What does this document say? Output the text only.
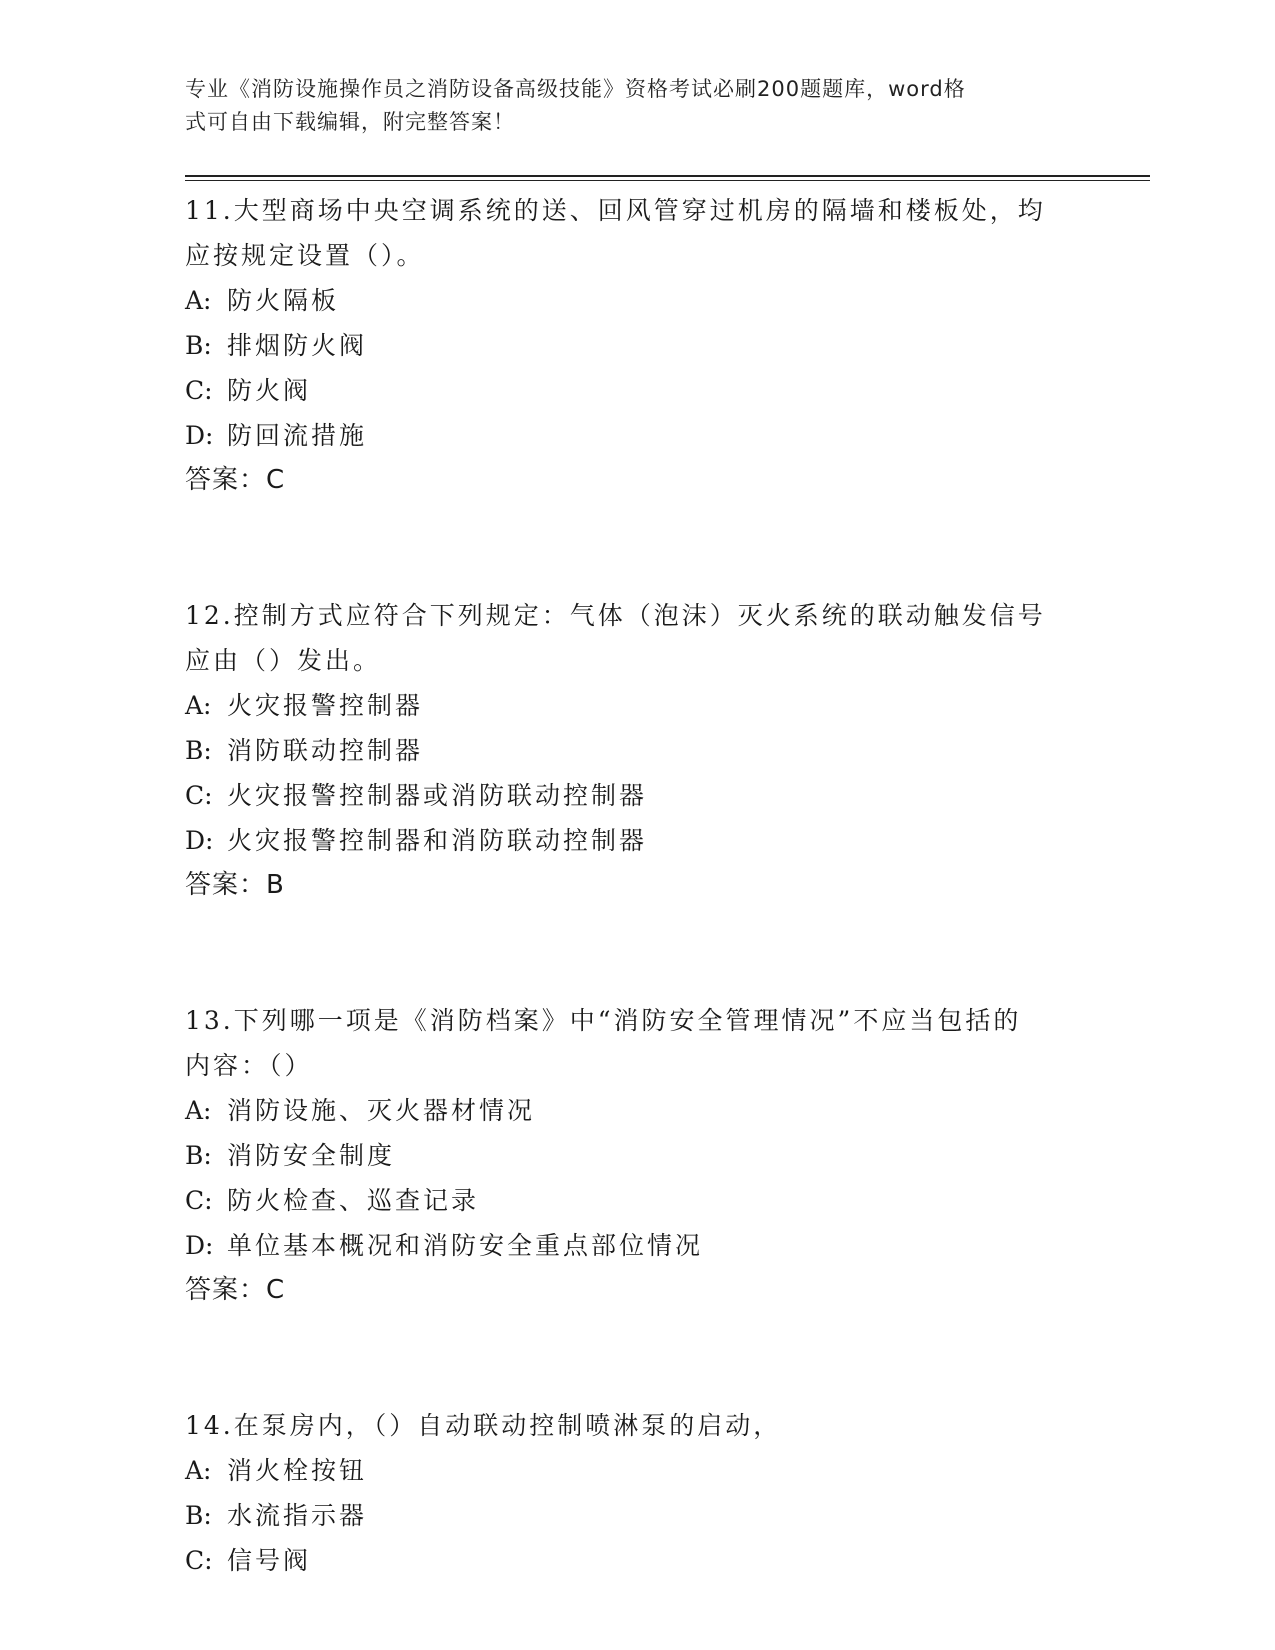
专业《消防设施操作员之消防设备高级技能》资格考试必刷200题题库，word格
式可自由下载编辑，附完整答案！

11.大型商场中央空调系统的送、回风管穿过机房的隔墙和楼板处，均
应按规定设置（）。

A: 防火隔板

B: 排烟防火阀

C: 防火阀

D: 防回流措施

答案：C

12.控制方式应符合下列规定：气体（泡沫）灭火系统的联动触发信号
应由（）发出。

A: 火灾报警控制器

B: 消防联动控制器

C: 火灾报警控制器或消防联动控制器

D: 火灾报警控制器和消防联动控制器

答案：B

13.下列哪一项是《消防档案》中“消防安全管理情况”不应当包括的
内容：（）

A: 消防设施、灭火器材情况

B: 消防安全制度

C: 防火检查、巡查记录

D: 单位基本概况和消防安全重点部位情况

答案：C

14.在泵房内，（）自动联动控制喷淋泵的启动，

A: 消火栓按钮

B: 水流指示器

C: 信号阀
